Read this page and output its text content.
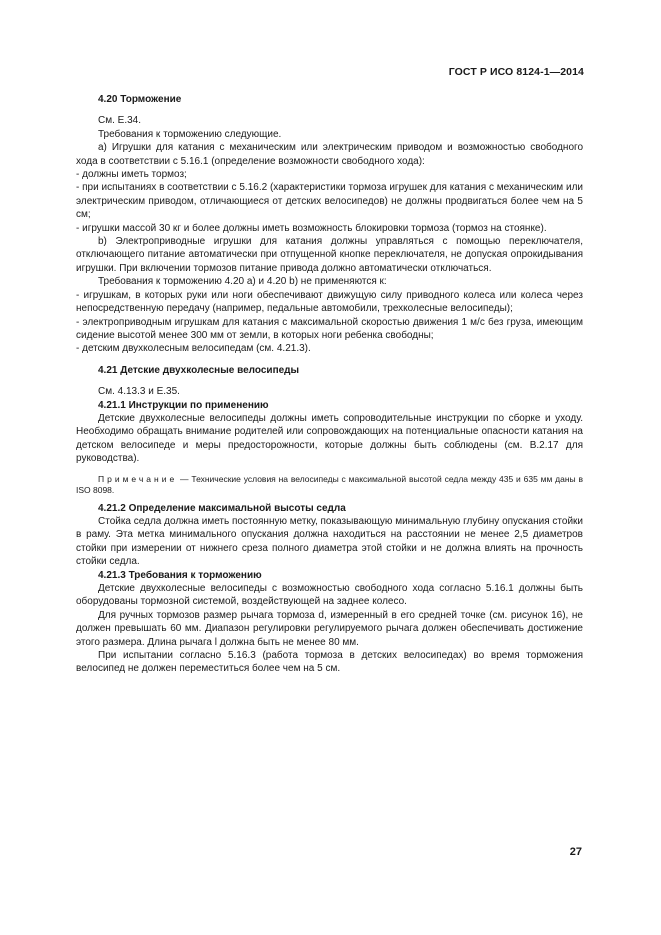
ГОСТ Р ИСО 8124-1—2014
4.20 Торможение

См. Е.34.

Требования к торможению следующие.

а) Игрушки для катания с механическим или электрическим приводом и возможностью свободного хода в соответствии с 5.16.1 (определение возможности свободного хода):

- должны иметь тормоз;

- при испытаниях в соответствии с 5.16.2 (характеристики тормоза игрушек для катания с механическим или электрическим приводом, отличающиеся от детских велосипедов) не должны продвигаться более чем на 5 см;

- игрушки массой 30 кг и более должны иметь возможность блокировки тормоза (тормоз на стоянке).

b) Электроприводные игрушки для катания должны управляться с помощью переключателя, отключающего питание автоматически при отпущенной кнопке переключателя, не допуская опрокидывания игрушки. При включении тормозов питание привода должно автоматически отключаться.

Требования к торможению 4.20 а) и 4.20 b) не применяются к:

- игрушкам, в которых руки или ноги обеспечивают движущую силу приводного колеса или колеса через непосредственную передачу (например, педальные автомобили, трехколесные велосипеды);

- электроприводным игрушкам для катания с максимальной скоростью движения 1 м/с без груза, имеющим сидение высотой менее 300 мм от земли, в которых ноги ребенка свободны;

- детским двухколесным велосипедам (см. 4.21.3).

4.21 Детские двухколесные велосипеды

См. 4.13.3 и Е.35.

4.21.1 Инструкции по применению

Детские двухколесные велосипеды должны иметь сопроводительные инструкции по сборке и уходу. Необходимо обращать внимание родителей или сопровождающих на потенциальные опасности катания на детском велосипеде и меры предосторожности, которые должны быть соблюдены (см. В.2.17 для руководства).

Примечание — Технические условия на велосипеды с максимальной высотой седла между 435 и 635 мм даны в ISO 8098.

4.21.2 Определение максимальной высоты седла

Стойка седла должна иметь постоянную метку, показывающую минимальную глубину опускания стойки в раму. Эта метка минимального опускания должна находиться на расстоянии не менее 2,5 диаметров стойки при измерении от нижнего среза полного диаметра этой стойки и не должна влиять на прочность стойки седла.

4.21.3 Требования к торможению

Детские двухколесные велосипеды с возможностью свободного хода согласно 5.16.1 должны быть оборудованы тормозной системой, воздействующей на заднее колесо.

Для ручных тормозов размер рычага тормоза d, измеренный в его средней точке (см. рисунок 16), не должен превышать 60 мм. Диапазон регулировки регулируемого рычага должен обеспечивать достижение этого размера. Длина рычага l должна быть не менее 80 мм.

При испытании согласно 5.16.3 (работа тормоза в детских велосипедах) во время торможения велосипед не должен переместиться более чем на 5 см.

27
